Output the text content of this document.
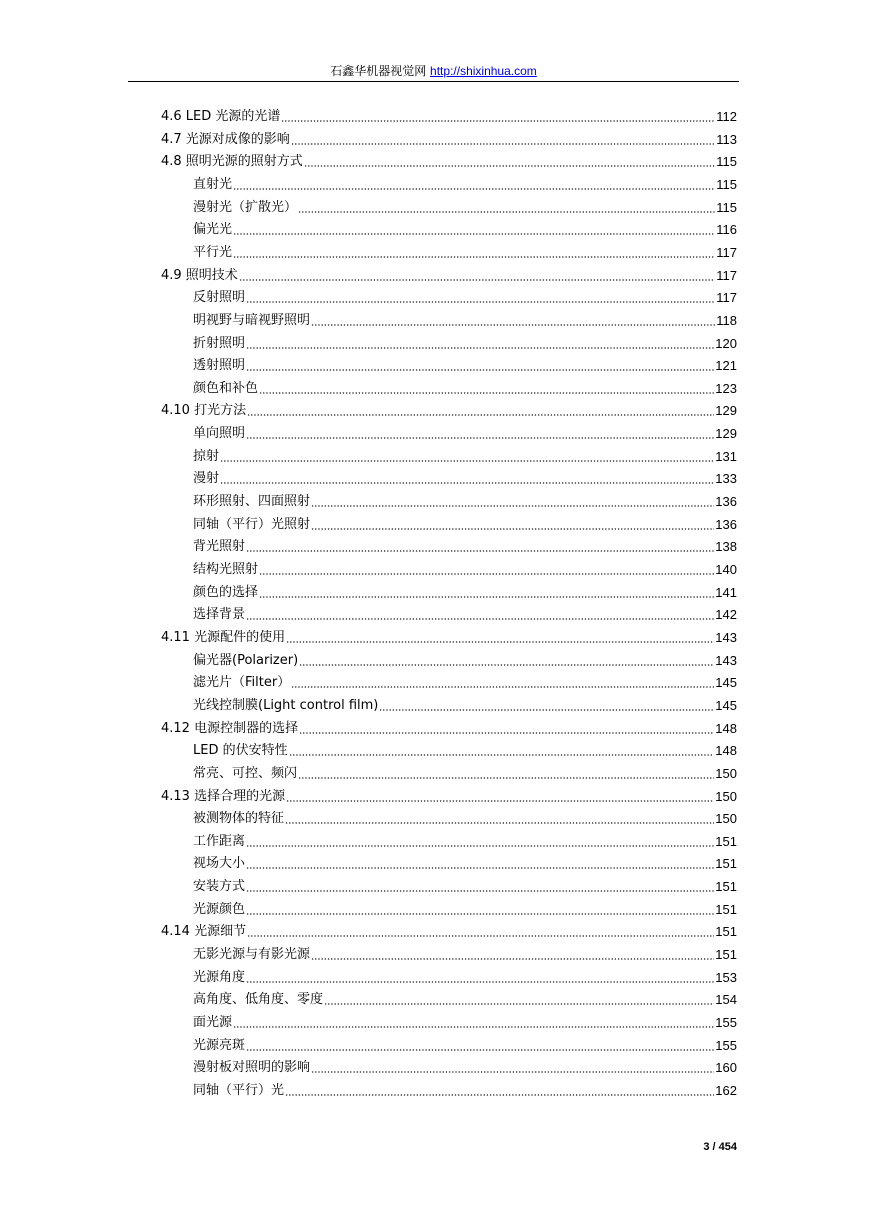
石鑫华机器视觉网 http://shixinhua.com
4.6 LED 光源的光谱	112
4.7 光源对成像的影响	113
4.8 照明光源的照射方式	115
直射光	115
漫射光（扩散光）	115
偏光光	116
平行光	117
4.9 照明技术	117
反射照明	117
明视野与暗视野照明	118
折射照明	120
透射照明	121
颜色和补色	123
4.10 打光方法	129
单向照明	129
掠射	131
漫射	133
环形照射、四面照射	136
同轴（平行）光照射	136
背光照射	138
结构光照射	140
颜色的选择	141
选择背景	142
4.11 光源配件的使用	143
偏光器(Polarizer)	143
滤光片（Filter）	145
光线控制膜(Light control film)	145
4.12 电源控制器的选择	148
LED 的伏安特性	148
常亮、可控、频闪	150
4.13 选择合理的光源	150
被测物体的特征	150
工作距离	151
视场大小	151
安装方式	151
光源颜色	151
4.14 光源细节	151
无影光源与有影光源	151
光源角度	153
高角度、低角度、零度	154
面光源	155
光源亮斑	155
漫射板对照明的影响	160
同轴（平行）光	162
3 / 454
